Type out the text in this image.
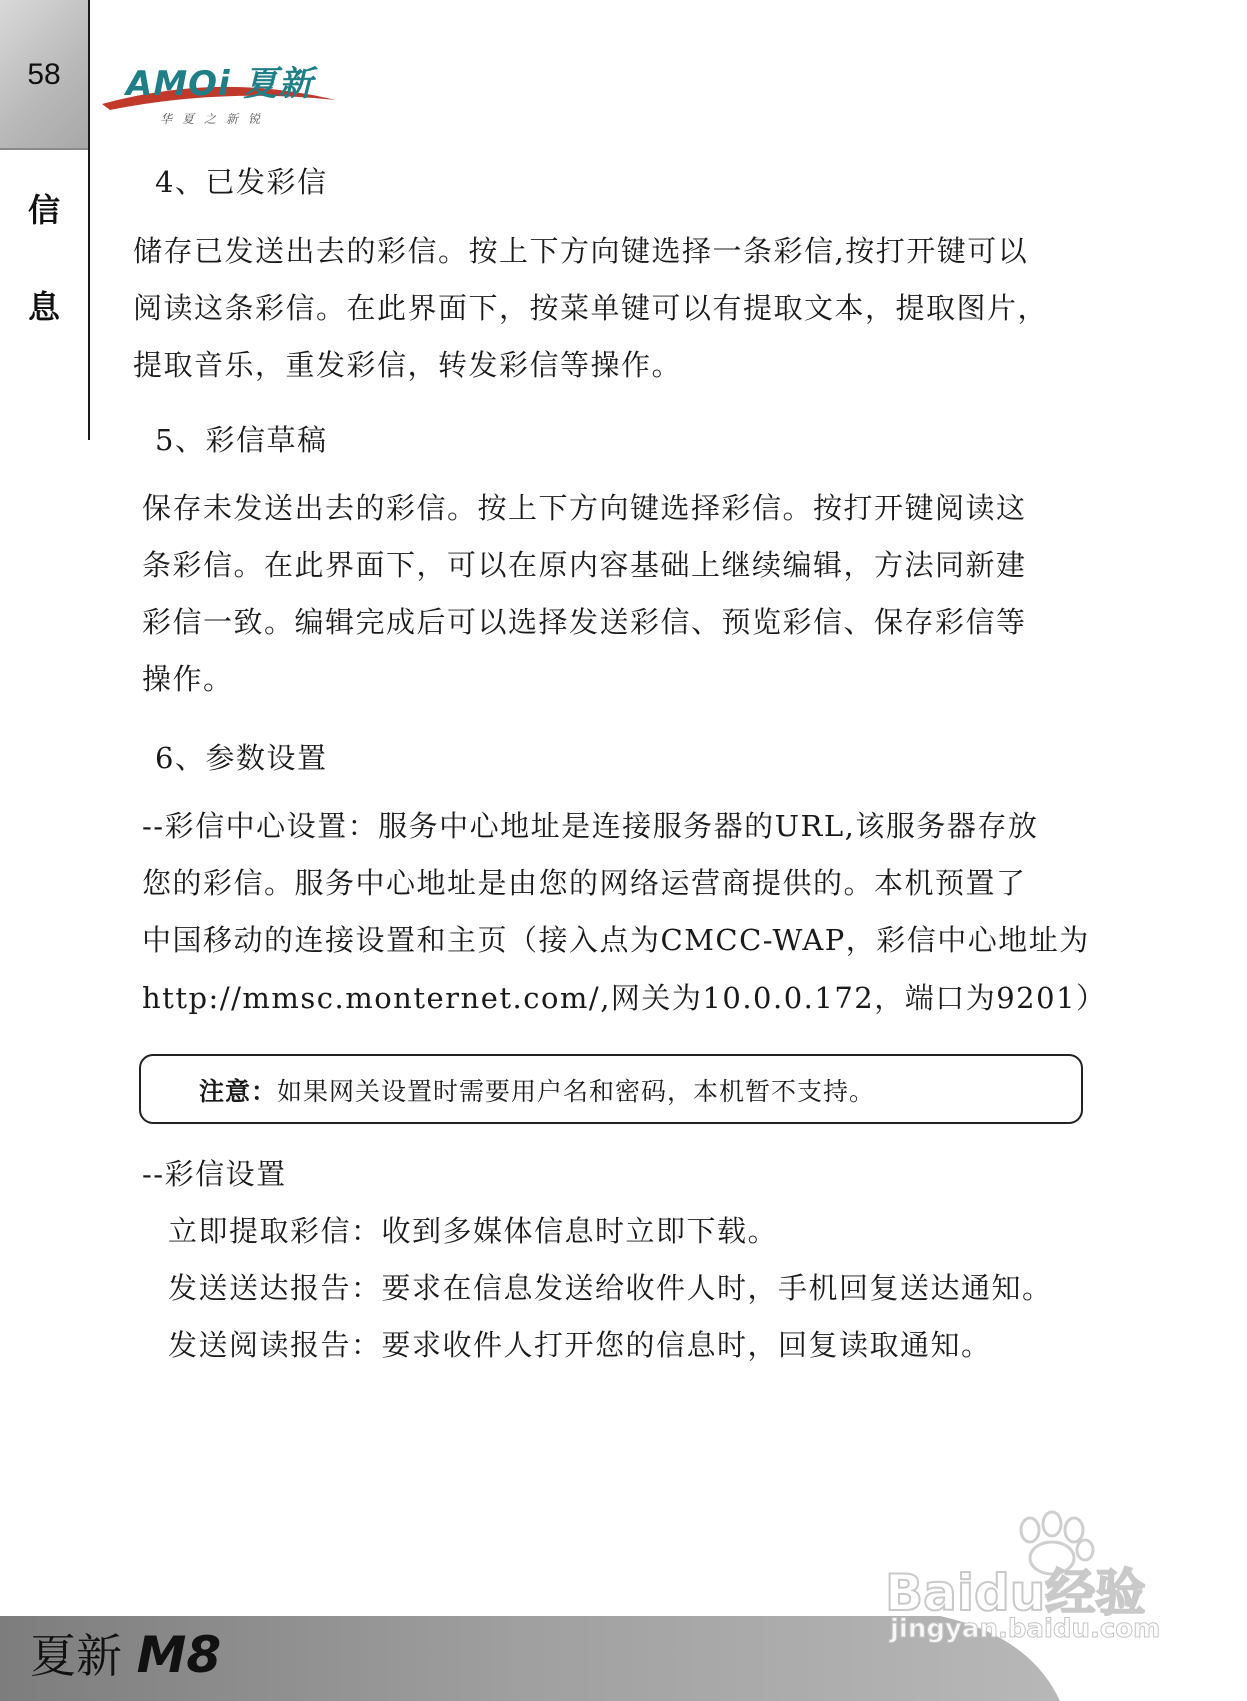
58
信
息
AMOi 夏新
华夏之新锐
4、已发彩信
储存已发送出去的彩信。按上下方向键选择一条彩信,按打开键可以
阅读这条彩信。在此界面下，按菜单键可以有提取文本，提取图片，
提取音乐，重发彩信，转发彩信等操作。
5、彩信草稿
保存未发送出去的彩信。按上下方向键选择彩信。按打开键阅读这
条彩信。在此界面下，可以在原内容基础上继续编辑，方法同新建
彩信一致。编辑完成后可以选择发送彩信、预览彩信、保存彩信等
操作。
6、参数设置
--彩信中心设置：服务中心地址是连接服务器的URL,该服务器存放
您的彩信。服务中心地址是由您的网络运营商提供的。本机预置了
中国移动的连接设置和主页（接入点为CMCC-WAP，彩信中心地址为
http://mmsc.monternet.com/,网关为10.0.0.172，端口为9201）
注意：如果网关设置时需要用户名和密码，本机暂不支持。
--彩信设置
立即提取彩信：收到多媒体信息时立即下载。
发送送达报告：要求在信息发送给收件人时，手机回复送达通知。
发送阅读报告：要求收件人打开您的信息时，回复读取通知。
夏新 M8
Baidu经验
jingyan.baidu.com
